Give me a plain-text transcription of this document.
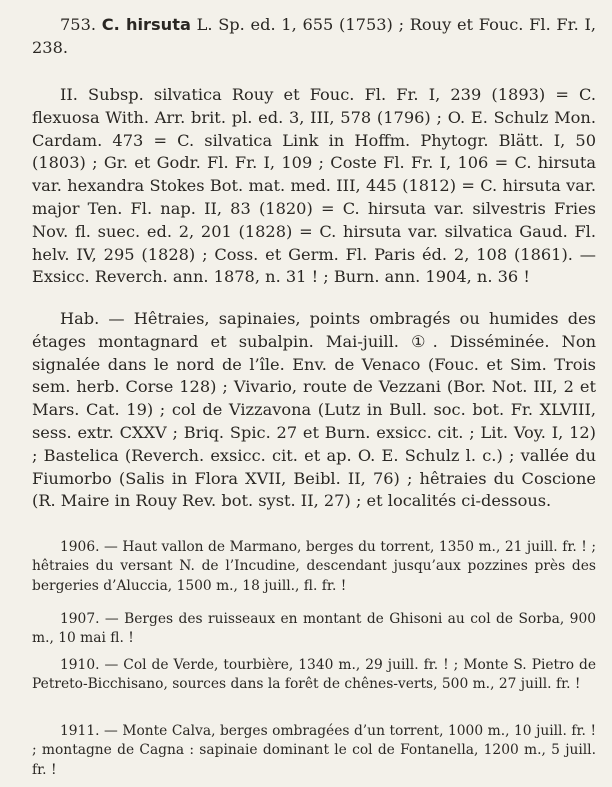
753. C. hirsuta L. Sp. ed. 1, 655 (1753) ; Rouy et Fouc. Fl. Fr. I, 238.

II. Subsp. silvatica Rouy et Fouc. Fl. Fr. I, 239 (1893) = C. flexuosa With. Arr. brit. pl. ed. 3, III, 578 (1796) ; O. E. Schulz Mon. Cardam. 473 = C. silvatica Link in Hoffm. Phytogr. Blätt. I, 50 (1803) ; Gr. et Godr. Fl. Fr. I, 109 ; Coste Fl. Fr. I, 106 = C. hirsuta var. hexandra Stokes Bot. mat. med. III, 445 (1812) = C. hirsuta var. major Ten. Fl. nap. II, 83 (1820) = C. hirsuta var. silvestris Fries Nov. fl. suec. ed. 2, 201 (1828) = C. hirsuta var. silvatica Gaud. Fl. helv. IV, 295 (1828) ; Coss. et Germ. Fl. Paris éd. 2, 108 (1861). — Exsicc. Reverch. ann. 1878, n. 31 ! ; Burn. ann. 1904, n. 36 !

Hab. — Hêtraies, sapinaies, points ombragés ou humides des étages montagnard et subalpin. Mai-juill. ①. Disséminée. Non signalée dans le nord de l’île. Env. de Venaco (Fouc. et Sim. Trois sem. herb. Corse 128) ; Vivario, route de Vezzani (Bor. Not. III, 2 et Mars. Cat. 19) ; col de Vizzavona (Lutz in Bull. soc. bot. Fr. XLVIII, sess. extr. CXXV ; Briq. Spic. 27 et Burn. exsicc. cit. ; Lit. Voy. I, 12) ; Bastelica (Reverch. exsicc. cit. et ap. O. E. Schulz l. c.) ; vallée du Fiumorbo (Salis in Flora XVII, Beibl. II, 76) ; hêtraies du Coscione (R. Maire in Rouy Rev. bot. syst. II, 27) ; et localités ci-dessous.

1906. — Haut vallon de Marmano, berges du torrent, 1350 m., 21 juill. fr. ! ; hêtraies du versant N. de l’Incudine, descendant jusqu’aux pozzines près des bergeries d’Aluccia, 1500 m., 18 juill., fl. fr. !

1907. — Berges des ruisseaux en montant de Ghisoni au col de Sorba, 900 m., 10 mai fl. !

1910. — Col de Verde, tourbière, 1340 m., 29 juill. fr. ! ; Monte S. Pietro de Petreto-Bicchisano, sources dans la forêt de chênes-verts, 500 m., 27 juill. fr. !

1911. — Monte Calva, berges ombragées d’un torrent, 1000 m., 10 juill. fr. ! ; montagne de Cagna : sapinaie dominant le col de Fontanella, 1200 m., 5 juill. fr. !
